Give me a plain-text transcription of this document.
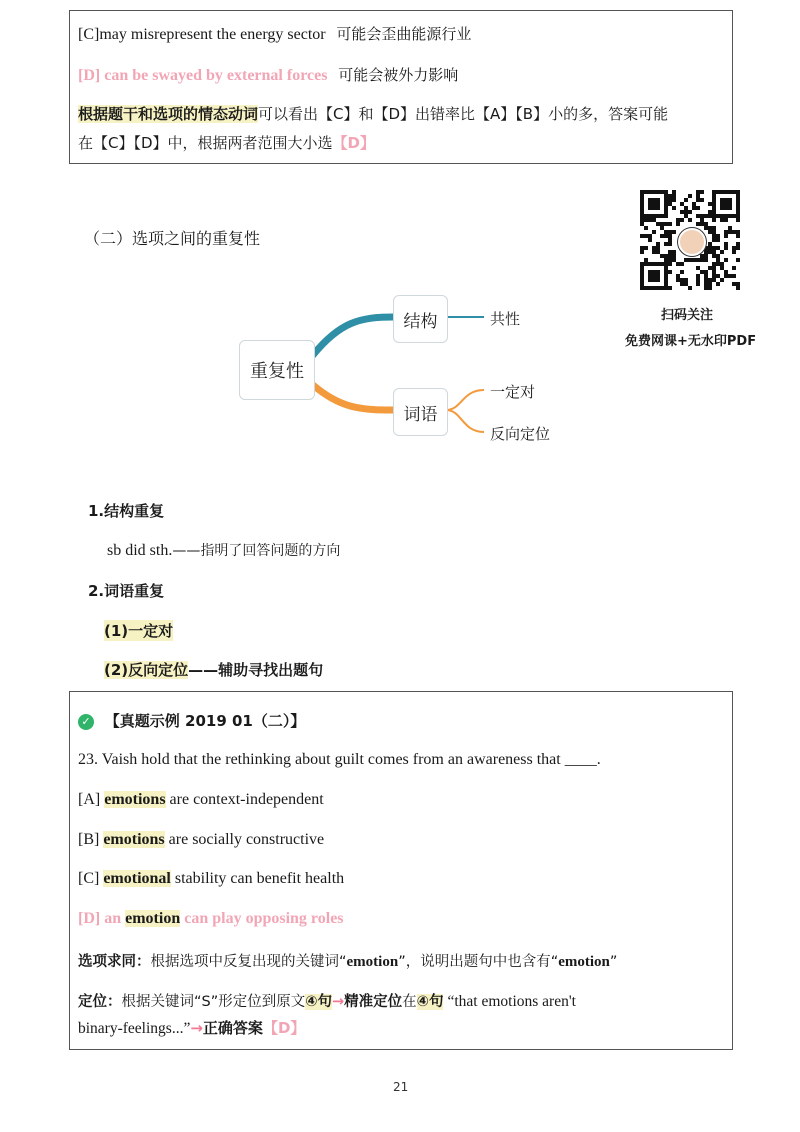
[C]may misrepresent the energy sector 可能会歪曲能源行业
[D] can be swayed by external forces 可能会被外力影响
根据题干和选项的情态动词可以看出【C】和【D】出错率比【A】【B】小的多，答案可能
在【C】【D】中，根据两者范围大小选【D】
（二）选项之间的重复性
扫码关注
免费网课+无水印PDF
重复性
结构
词语
共性
一定对
反向定位
1.结构重复
sb did sth.——指明了回答问题的方向
2.词语重复
(1)一定对
(2)反向定位——辅助寻找出题句
✓ 【真题示例 2019 01（二）】
23. Vaish hold that the rethinking about guilt comes from an awareness that ____.
[A] emotions are context-independent
[B] emotions are socially constructive
[C] emotional stability can benefit health
[D] an emotion can play opposing roles
选项求同：根据选项中反复出现的关键词“emotion”，说明出题句中也含有“emotion”
定位：根据关键词“S”形定位到原文④句→精准定位在④句 “that emotions aren't
binary-feelings...”→正确答案【D】
21
